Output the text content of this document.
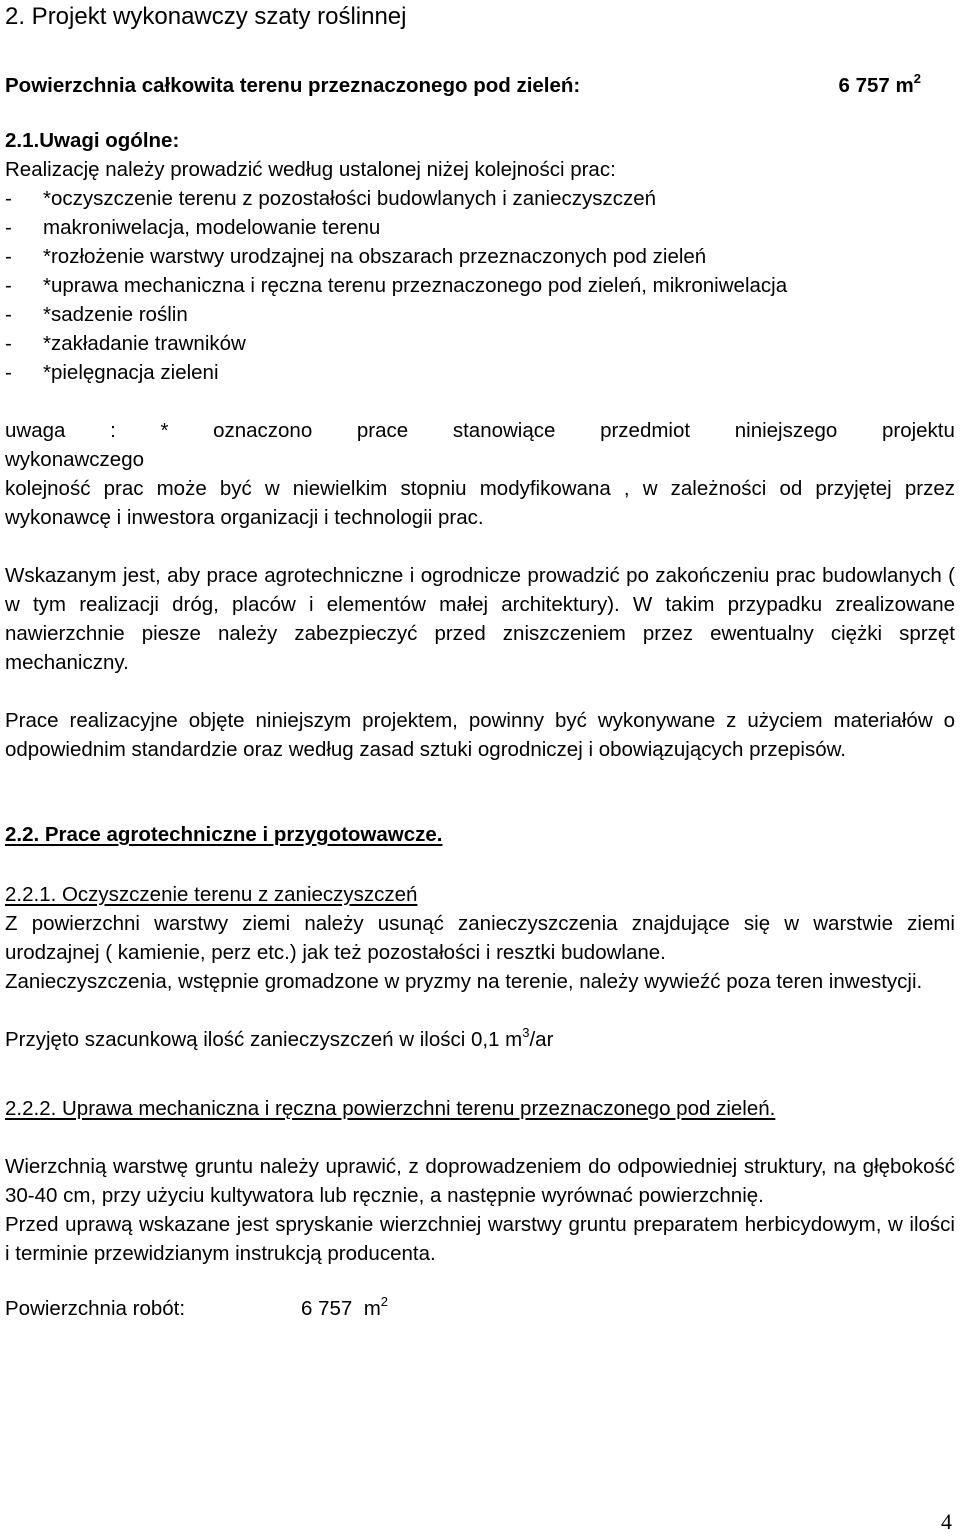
2. Projekt wykonawczy szaty roślinnej
Powierzchnia całkowita terenu przeznaczonego pod zieleń:	6 757 $m^2$
2.1.Uwagi ogólne:
Realizację należy prowadzić według ustalonej niżej kolejności prac:
-	*oczyszczenie terenu z pozostałości budowlanych i zanieczyszczeń
-	makroniwelacja, modelowanie terenu
-	*rozłożenie warstwy urodzajnej na obszarach przeznaczonych pod zieleń
-	*uprawa mechaniczna i ręczna terenu przeznaczonego pod zieleń, mikroniwelacja
-	*sadzenie roślin
-	*zakładanie trawników
-	*pielęgnacja zieleni
uwaga : * oznaczono prace stanowiące przedmiot niniejszego projektu
wykonawczego
kolejność prac może być w niewielkim stopniu modyfikowana , w zależności od przyjętej przez wykonawcę i inwestora organizacji i technologii prac.
Wskazanym jest, aby prace agrotechniczne i ogrodnicze prowadzić po zakończeniu prac budowlanych ( w tym realizacji dróg, placów i elementów małej architektury). W takim przypadku zrealizowane nawierzchnie piesze należy zabezpieczyć przed zniszczeniem przez ewentualny ciężki sprzęt mechaniczny.
Prace realizacyjne objęte niniejszym projektem, powinny być wykonywane z użyciem materiałów o odpowiednim standardzie oraz według zasad sztuki ogrodniczej i obowiązujących przepisów.
2.2. Prace agrotechniczne i przygotowawcze.
2.2.1. Oczyszczenie terenu z zanieczyszczeń
Z powierzchni warstwy ziemi należy usunąć zanieczyszczenia znajdujące się w warstwie ziemi urodzajnej ( kamienie, perz etc.) jak też pozostałości i resztki budowlane.
Zanieczyszczenia, wstępnie gromadzone w pryzmy na terenie, należy wywieźć poza teren inwestycji.
Przyjęto szacunkową ilość zanieczyszczeń w ilości 0,1 $m^3/ar$
2.2.2. Uprawa mechaniczna i ręczna powierzchni terenu przeznaczonego pod zieleń.
Wierzchnią warstwę gruntu należy uprawić, z doprowadzeniem do odpowiedniej struktury, na głębokość 30-40 cm, przy użyciu kultywatora lub ręcznie, a następnie wyrównać powierzchnię.
Przed uprawą wskazane jest spryskanie wierzchniej warstwy gruntu preparatem herbicydowym, w ilości i terminie przewidzianym instrukcją producenta.
Powierzchnia robót:	6 757  $m^2$
4
